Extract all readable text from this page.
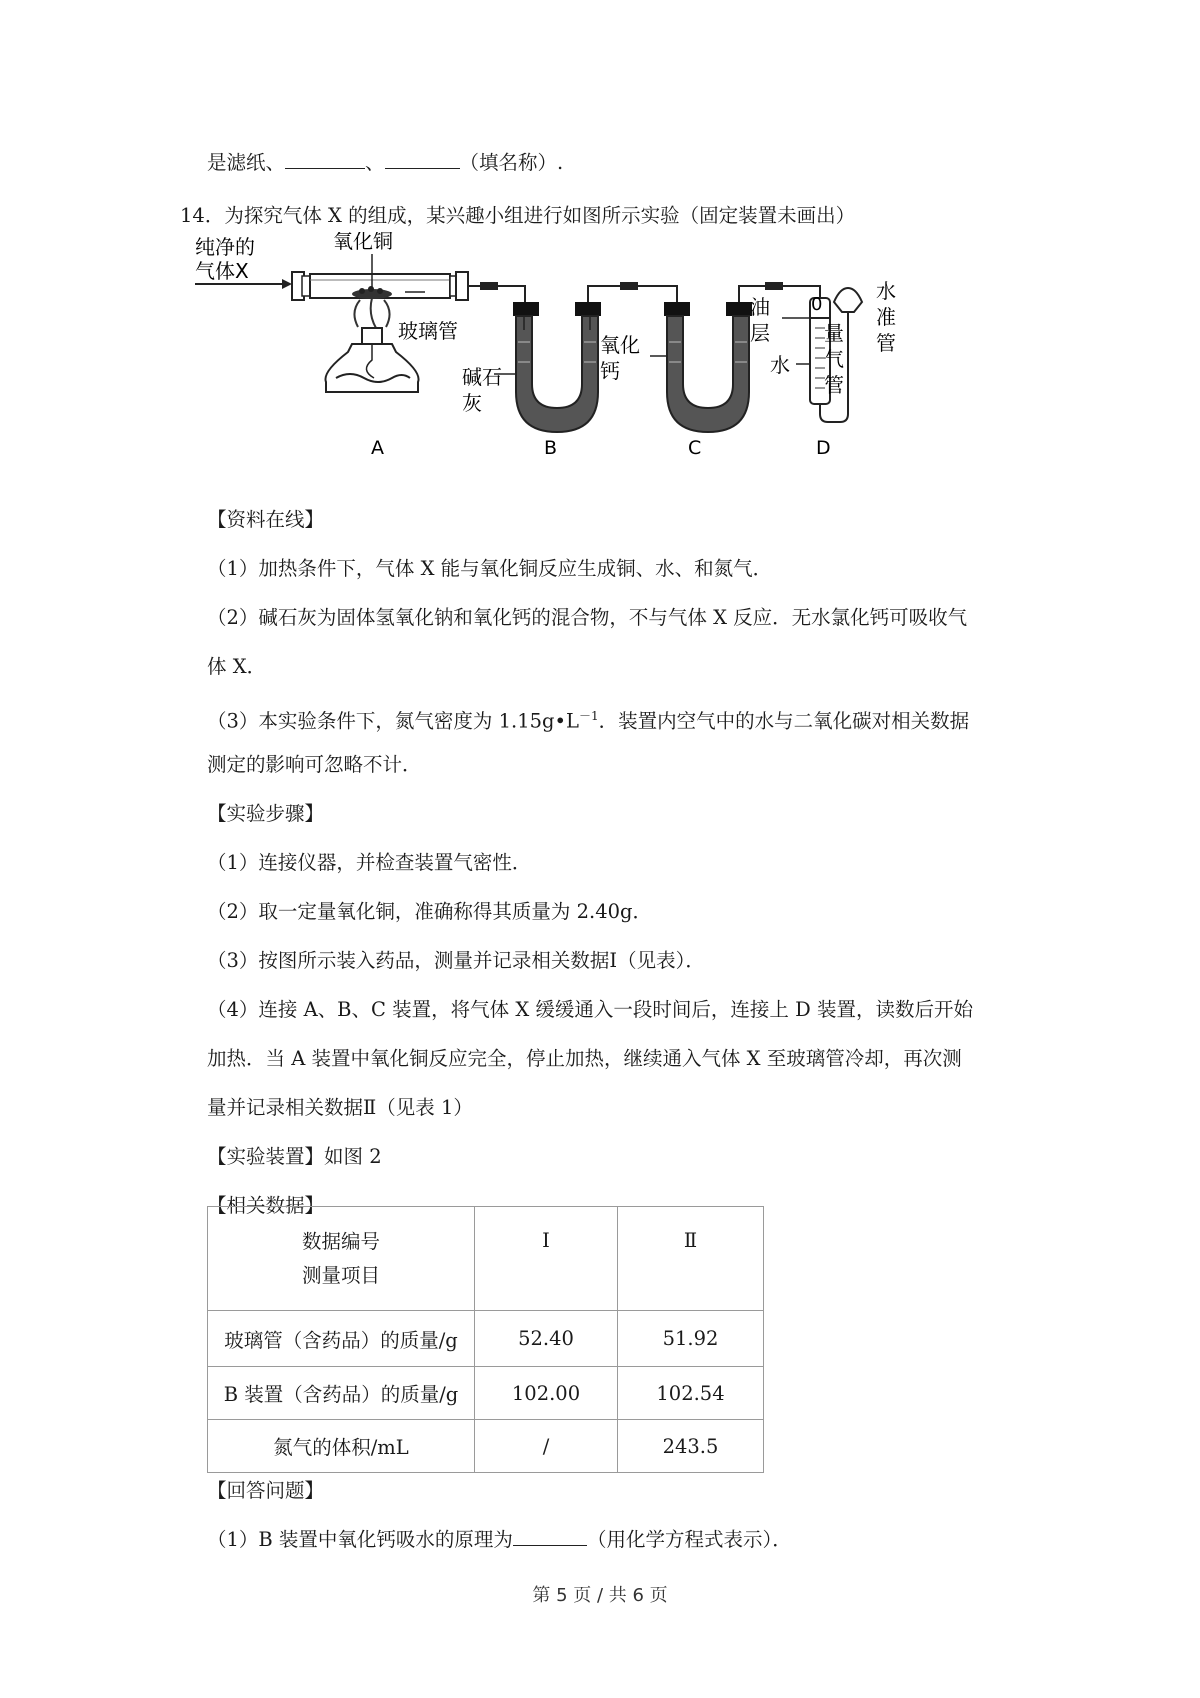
是滤纸、	、	（填名称）.
14．为探究气体 X 的组成，某兴趣小组进行如图所示实验（固定装置未画出）
纯净的
气体X
氧化铜
玻璃管
碱石
灰
氧化
钙
油
层
水
0
量
气
管
水
准
管
A	B	C	D
【资料在线】
（1）加热条件下，气体 X 能与氧化铜反应生成铜、水、和氮气．
（2）碱石灰为固体氢氧化钠和氧化钙的混合物，不与气体 X 反应．无水氯化钙可吸收气
体 X．
（3）本实验条件下，氮气密度为 $1.15g•L^{-1}$．装置内空气中的水与二氧化碳对相关数据
测定的影响可忽略不计．
【实验步骤】
（1）连接仪器，并检查装置气密性．
（2）取一定量氧化铜，准确称得其质量为 2.40g．
（3）按图所示装入药品，测量并记录相关数据Ⅰ（见表）．
（4）连接 A、B、C 装置，将气体 X 缓缓通入一段时间后，连接上 D 装置，读数后开始
加热．当 A 装置中氧化铜反应完全，停止加热，继续通入气体 X 至玻璃管冷却，再次测
量并记录相关数据Ⅱ（见表 1）
【实验装置】如图 2
【相关数据】
数据编号
测量项目	Ⅰ	Ⅱ
玻璃管（含药品）的质量/g	52.40	51.92
B 装置（含药品）的质量/g	102.00	102.54
氮气的体积/mL	/	243.5
【回答问题】
（1）B 装置中氧化钙吸水的原理为	（用化学方程式表示）．
第 5 页 / 共 6 页
